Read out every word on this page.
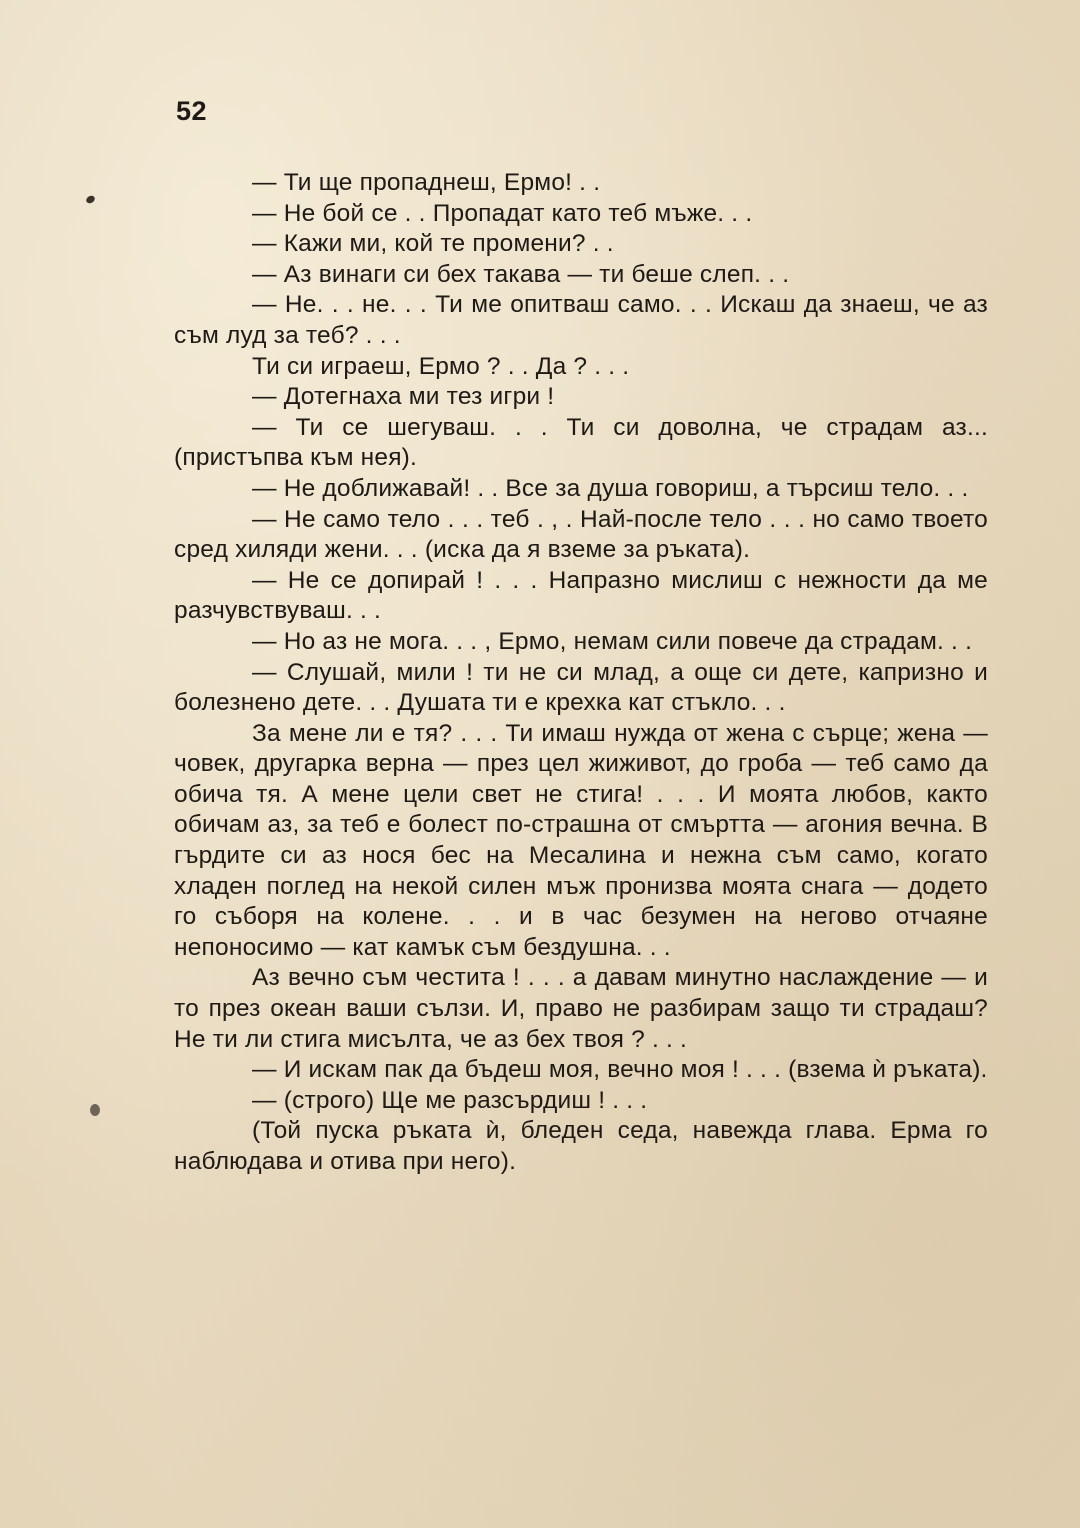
52

— Ти ще пропаднеш, Ермо! . .

— Не бой се . . Пропадат като теб мъже. . .

— Кажи ми, кой те промени? . .

— Аз винаги си бех такава — ти беше слеп. . .

— Не. . . не. . . Ти ме опитваш само. . . Искаш да знаеш, че аз съм луд за теб? . . .

Ти си играеш, Ермо ? . . Да ? . . .

— Дотегнаха ми тез игри !

— Ти се шегуваш. . . Ти си доволна, че страдам аз... (пристъпва към нея).

— Не доближавай! . . Все за душа говориш, а търсиш тело. . .

— Не само тело . . . теб . , . Най-после тело . . . но само твоето сред хиляди жени. . . (иска да я вземе за ръката).

— Не се допирай ! . . . Напразно мислиш с нежности да ме разчувствуваш. . .

— Но аз не мога. . . , Ермо, немам сили повече да страдам. . .

— Слушай, мили ! ти не си млад, а още си дете, капризно и болезнено дете. . . Душата ти е крехка кат стъкло. . .

За мене ли е тя? . . . Ти имаш нужда от жена с сърце; жена — човек, другарка верна — през цел жиживот, до гроба — теб само да обича тя. А мене цели свет не стига! . . . И моята любов, както обичам аз, за теб е болест по-страшна от смъртта — агония вечна. В гърдите си аз нося бес на Месалина и нежна съм само, когато хладен поглед на некой силен мъж пронизва моята снага — додето го съборя на колене. . . и в час безумен на негово отчаяне непоносимо — кат камък съм бездушна. . .

Аз вечно съм честита ! . . . а давам минутно наслаждение — и то през океан ваши сълзи. И, право не разбирам защо ти страдаш? Не ти ли стига мисълта, че аз бех твоя ? . . .

— И искам пак да бъдеш моя, вечно моя ! . . . (взема ѝ ръката).

— (строго) Ще ме разсърдиш ! . . .

(Той пуска ръката ѝ, бледен седа, навежда глава. Ерма го наблюдава и отива при него).
